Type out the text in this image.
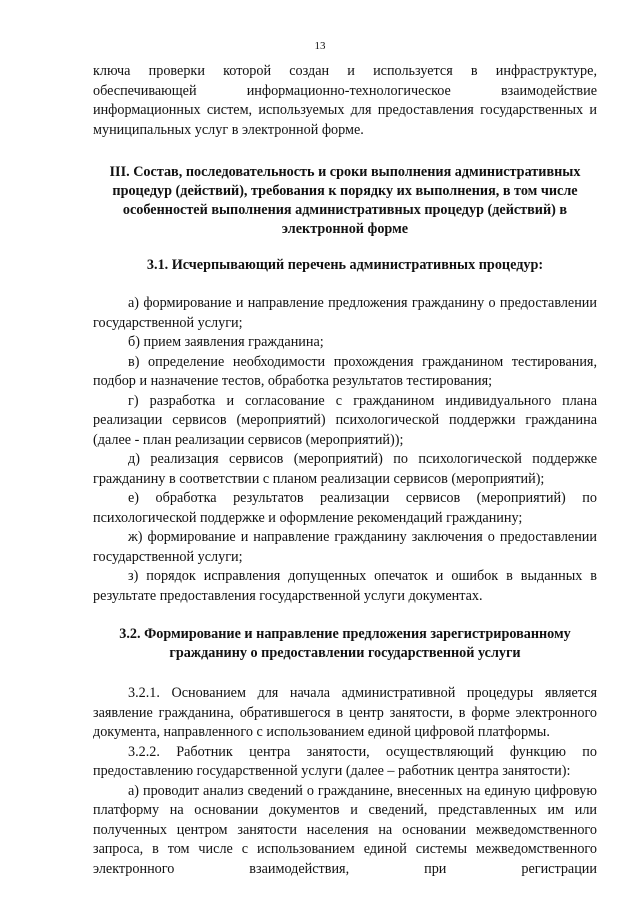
13

ключа проверки которой создан и используется в инфраструктуре, обеспечивающей информационно-технологическое взаимодействие информационных систем, используемых для предоставления государственных и муниципальных услуг в электронной форме.

III. Состав, последовательность и сроки выполнения административных процедур (действий), требования к порядку их выполнения, в том числе особенностей выполнения административных процедур (действий) в электронной форме
3.1. Исчерпывающий перечень административных процедур:

а) формирование и направление предложения гражданину о предоставлении государственной услуги;

б) прием заявления гражданина;

в) определение необходимости прохождения гражданином тестирования, подбор и назначение тестов, обработка результатов тестирования;

г) разработка и согласование с гражданином индивидуального плана реализации сервисов (мероприятий) психологической поддержки гражданина (далее - план реализации сервисов (мероприятий));

д) реализация сервисов (мероприятий) по психологической поддержке гражданину в соответствии с планом реализации сервисов (мероприятий);

е) обработка результатов реализации сервисов (мероприятий) по психологической поддержке и оформление рекомендаций гражданину;

ж) формирование и направление гражданину заключения о предоставлении государственной услуги;

з) порядок исправления допущенных опечаток и ошибок в выданных в результате предоставления государственной услуги документах.

3.2. Формирование и направление предложения зарегистрированному гражданину о предоставлении государственной услуги

3.2.1. Основанием для начала административной процедуры является заявление гражданина, обратившегося в центр занятости, в форме электронного документа, направленного с использованием единой цифровой платформы.

3.2.2. Работник центра занятости, осуществляющий функцию по предоставлению государственной услуги (далее – работник центра занятости):

а) проводит анализ сведений о гражданине, внесенных на единую цифровую платформу на основании документов и сведений, представленных им или полученных центром занятости населения на основании межведомственного запроса, в том числе с использованием единой системы межведомственного электронного взаимодействия, при регистрации
